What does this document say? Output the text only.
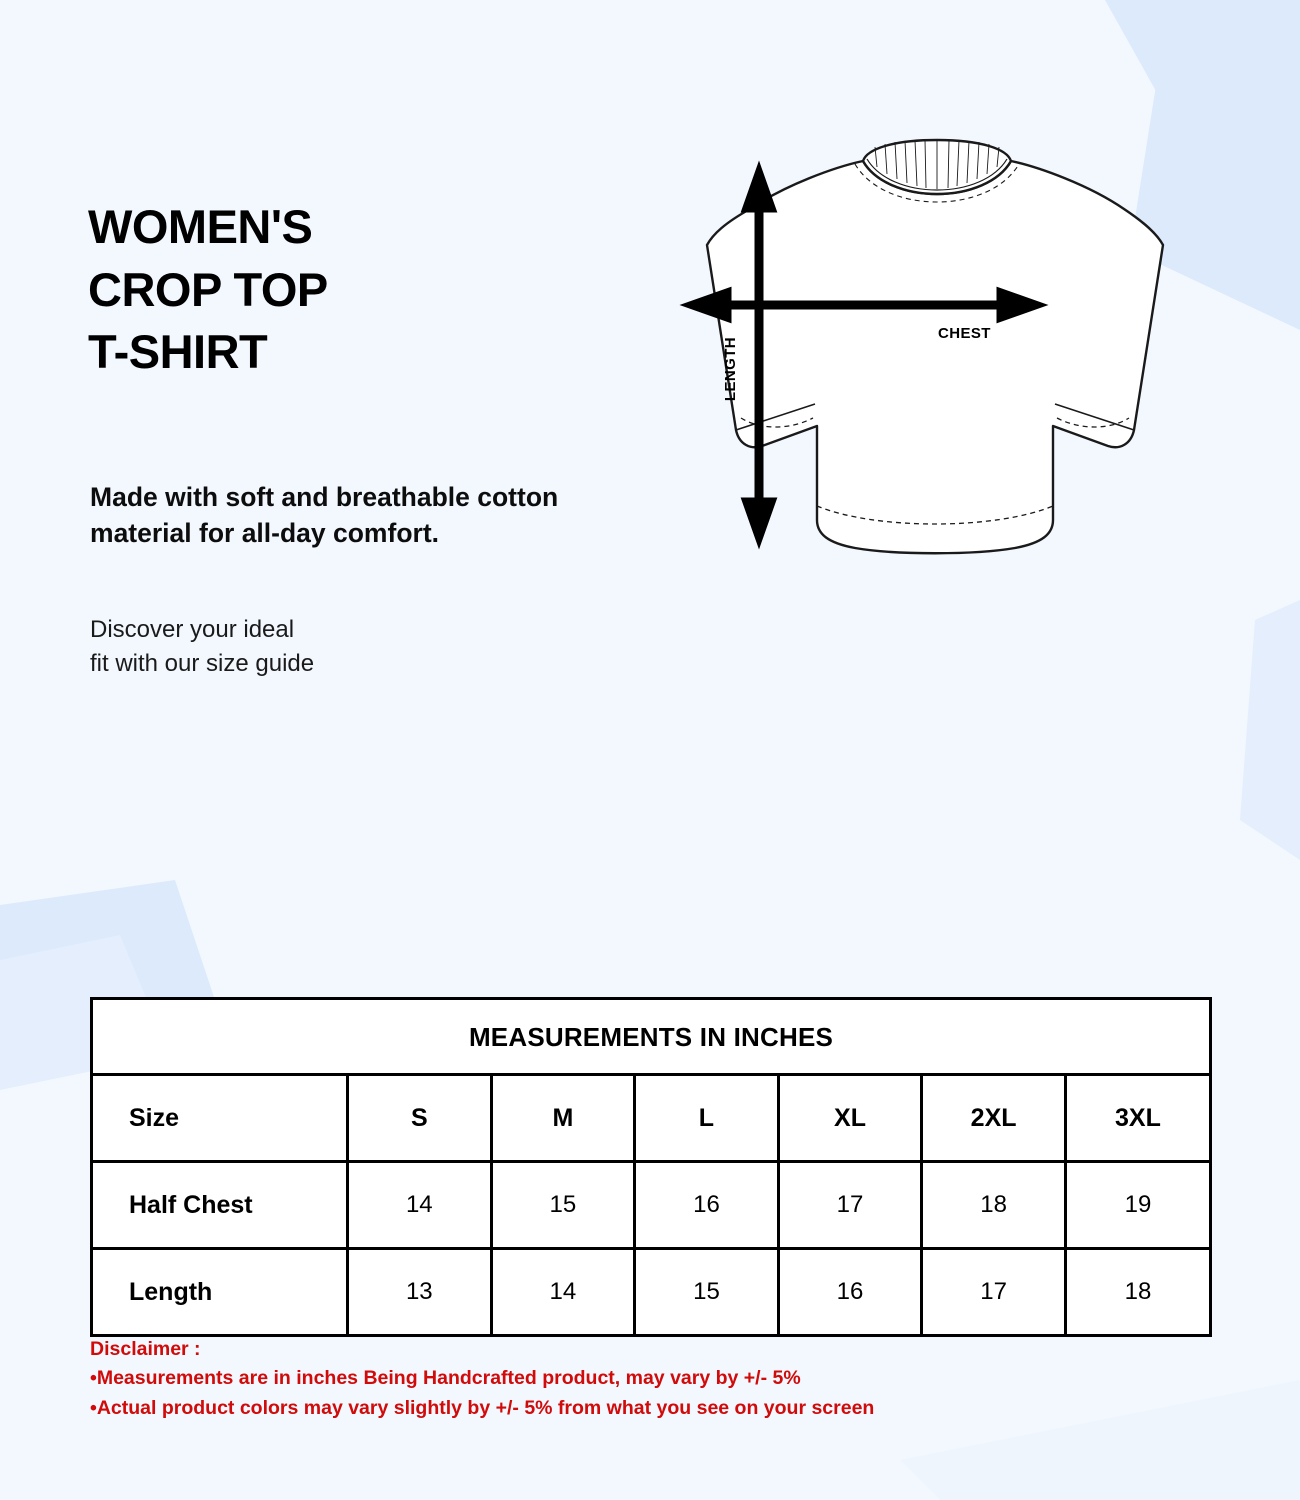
WOMEN'S
CROP TOP
T-SHIRT

Made with soft and breathable cotton material for all-day comfort.

Discover your ideal
fit with our size guide

CHEST
LENGTH
MEASUREMENTS IN INCHES
Size	S	M	L	XL	2XL	3XL
Half Chest	14	15	16	17	18	19
Length	13	14	15	16	17	18
Disclaimer :
•Measurements are in inches Being Handcrafted product, may vary by +/- 5%
•Actual product colors may vary slightly by +/- 5% from what you see on your screen
